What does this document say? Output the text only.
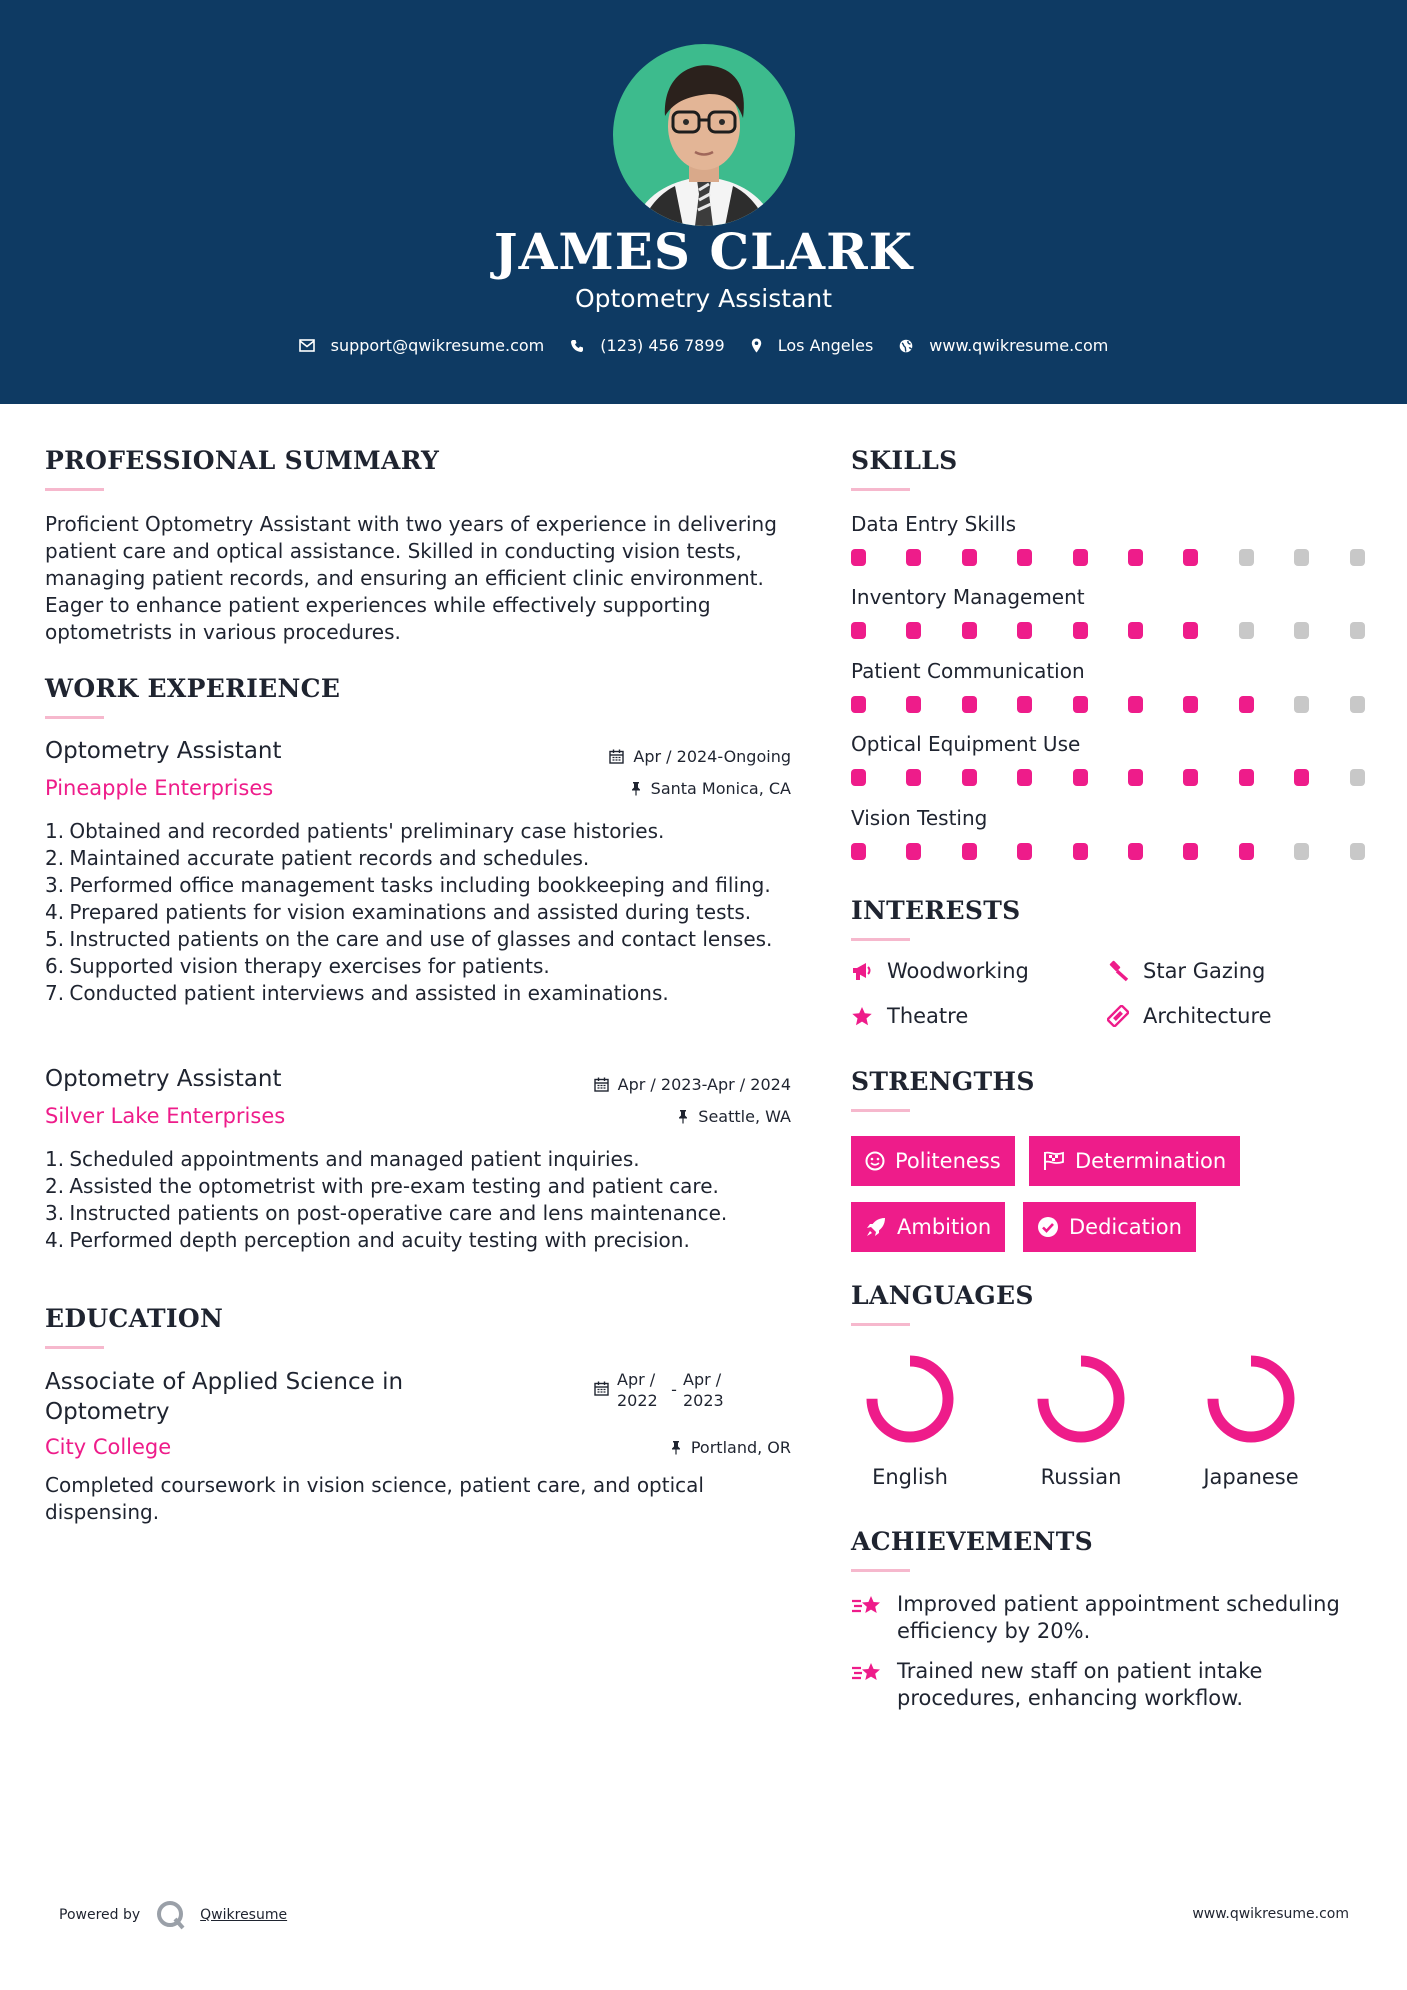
JAMES CLARK
Optometry Assistant
support@qwikresume.com	(123) 456 7899	Los Angeles	www.qwikresume.com
PROFESSIONAL SUMMARY
Proficient Optometry Assistant with two years of experience in delivering patient care and optical assistance. Skilled in conducting vision tests, managing patient records, and ensuring an efficient clinic environment. Eager to enhance patient experiences while effectively supporting optometrists in various procedures.
WORK EXPERIENCE
Optometry Assistant	Apr / 2024-Ongoing
Pineapple Enterprises	Santa Monica, CA
1.
Obtained and recorded patients' preliminary case histories.
2.
Maintained accurate patient records and schedules.
3.
Performed office management tasks including bookkeeping and filing.
4.
Prepared patients for vision examinations and assisted during tests.
5.
Instructed patients on the care and use of glasses and contact lenses.
6.
Supported vision therapy exercises for patients.
7.
Conducted patient interviews and assisted in examinations.
Optometry Assistant	Apr / 2023-Apr / 2024
Silver Lake Enterprises	Seattle, WA
1.
Scheduled appointments and managed patient inquiries.
2.
Assisted the optometrist with pre-exam testing and patient care.
3.
Instructed patients on post-operative care and lens maintenance.
4.
Performed depth perception and acuity testing with precision.
EDUCATION
Associate of Applied Science in
Optometry
Apr /
2022
-
Apr /
2023
City College	Portland, OR
Completed coursework in vision science, patient care, and optical dispensing.
SKILLS
Data Entry Skills
Inventory Management
Patient Communication
Optical Equipment Use
Vision Testing
INTERESTS
Woodworking	Star Gazing
Theatre	Architecture
STRENGTHS
Politeness	Determination
Ambition	Dedication
LANGUAGES
English	Russian	Japanese
ACHIEVEMENTS
Improved patient appointment scheduling efficiency by 20%.
Trained new staff on patient intake procedures, enhancing workflow.
Powered by	Qwikresume	www.qwikresume.com
